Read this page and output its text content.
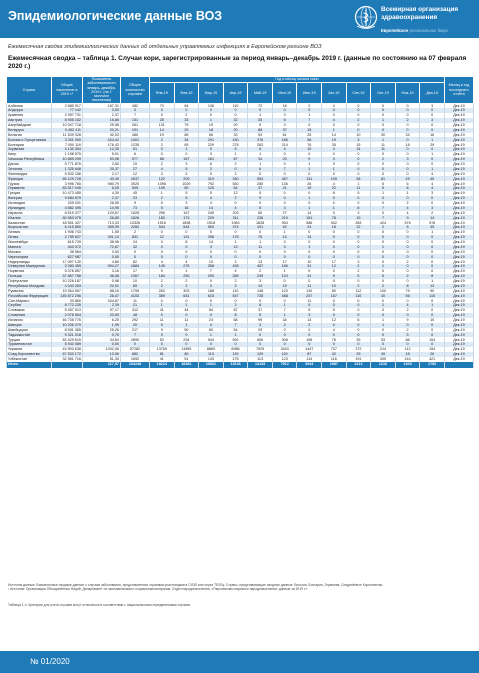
Эпидемиологические данные ВОЗ	Всемирная организация здравоохранения
Европейское региональное бюро
Ежемесячная сводка эпидемиологических данных об отдельных управляемых инфекциях в Европейском регионе ВОЗ
Ежемесячная сводка – таблица 1. Случаи кори, зарегистрированные за период январь–декабрь 2019 г. (данные по состоянию на 07 февраля 2020 г.)
Страна	Общее население в 2019 г.¹	Показатель заболеваемости январь–декабрь 2019 г. (на 1 миллион населения)	Общее количество случаев	Год и месяц начала сыпи												Месяц и год последнего отчёта
				Янв-19	Фев-19	Мар-19	Апр-19	Май-19	Июн-19	Июл-19	Авг-19	Сен-19	Окт-19	Ноя-19	Дек-19	
Албания	2 880 917	167,31	482	73	64	136	110	72	18	2	4	0	0	0	3	Дек-19
Андорра	77 142	0,00	0	0	0	0	0	0	0	0	0	0	0	0	0	Дек-19
Армения	2 957 731	2,37	7	0	2	0	0	1	3	1	0	0	0	0	0	Дек-19
Австрия	8 955 102	16,86	151	25	33	1	32	35	6	7	4	2	1	2	3	Дек-19
Азербайджан	10 047 718	25,98	261	131	79	19	20	9	3	0	0	0	0	0	0	Дек-19
Беларусь	9 452 411	20,21	191	14	20	18	20	88	37	15	1	0	0	0	0	Дек-19
Бельгия	11 539 328	42,03	485	19	85	66	33	93	61	25	14	10	30	34	16	Дек-19
Босния и Герцеговина	3 301 000	424,42	1401	2	34	291	430	376	186	58	19	3	1	0	1	Дек-19
Болгария	7 000 119	176,43	1235	2	65	229	278	263	214	76	35	15	11	18	29	Дек-19
Хорватия	4 130 304	12,35	51	0	1	0	6	6	4	10	4	14	11	0	0	Дек-19
Кипр	1 198 575	5,01	6	0	0	3	1	1	0	0	0	0	0	0	1	Дек-19
Чешская Республика	10 689 209	53,98	577	68	167	181	87	34	23	9	3	0	2	3	0	Дек-19
Дания	5 771 876	2,60	15	2	3	6	2	1	0	1	0	0	0	0	0	Дек-19
Эстония	1 325 648	20,37	27	4	5	2	0	6	7	1	1	0	0	0	1	Дек-19
Финляндия	5 532 156	2,17	12	3	3	0	2	0	0	0	0	0	0	0	4	Дек-19
Франция	65 129 728	40,49	2637	122	209	319	340	554	467	311	109	58	81	49	40	Дек-19
Грузия	3 996 765	980,79	3920	1096	1029	792	540	280	136	26	4	1	6	6	4	Дек-19
Германия	83 517 045	6,05	505	109	80	125	64	37	21	19	22	11	5	8	4	Дек-19
Греция	10 473 455	4,30	45	1	5	5	12	5	0	0	8	5	1	1	3	Дек-19
Венгрия	9 684 679	2,37	23	2	5	4	2	9	0	1	0	0	0	0	0	Дек-19
Исландия	339 031	26,55	9	0	3	4	0	0	0	0	0	0	0	2	0	Дек-19
Ирландия	4 882 495	14,95	73	5	16	14	4	5	3	1	1	8	7	4	3	Дек-19
Израиль	8 519 377	120,67	1028	296	167	249	203	60	27	14	3	3	0	4	2	Дек-19
Италия	60 550 075	26,85	1626	180	173	229	311	236	219	151	78	19	7	9	14	Дек-19
Казахстан	18 551 427	713,33	13326	1516	1898	1918	1963	1828	954	586	402	283	424	576	978	Дек-19
Кыргызстан	6 415 850	355,99	2284	544	544	563	374	101	52	24	18	22	2	5	35	Дек-19
Латвия	1 906 743	1,05	2	0	0	0	0	0	1	0	0	0	0	0	1	Дек-19
Литва	2 759 627	301,13	831	22	131	398	178	76	14	14	0	0	0	0	0	Дек-19
Люксембург	615 729	38,98	24	0	8	14	1	1	0	0	0	0	0	0	0	Дек-19
Мальта	440 372	72,67	32	0	0	3	13	11	3	1	0	0	1	0	0	Дек-19
Монако	38 964	0,00	0	0	0	0	0	0	0	0	0	0	0	0	0	Дек-19
Черногория	627 987	0,00	0	0	0	0	0	0	0	0	0	0	0	0	0	Дек-19
Нидерланды	17 097 130	4,80	82	4	4	10	2	13	17	10	17	3	0	2	0	Дек-19
Северная Македония	2 083 459	904,27	1884	149	275	358	428	467	166	31	12	2	1	0	0	Дек-19
Норвегия	5 378 857	3,16	17	0	1	7	4	2	1	0	0	2	0	0	0	Дек-19
Польша	37 887 768	36,08	1367	184	250	200	289	249	124	41	9	5	6	2	8	Дек-19
Португалия	10 226 187	0,98	10	2	2	0	2	3	0	0	0	0	0	0	1	Дек-19
Республика Молдова	4 043 263	22,01	89	2	2	3	3	14	19	11	10	2	2	8	13	Дек-19
Румыния	19 364 557	88,10	1706	263	303	188	110	148	123	110	80	112	100	79	90	Дек-19
Российская Федерация	145 872 256	28,47	4153	389	641	615	547	728	488	257	167	110	40	56	115	Дек-19
Сан-Марино	33 860	324,87	11	0	0	0	0	0	0	11	0	0	0	0	0	Дек-19
Сербия	8 772 235	2,39	21	1	1	1	3	8	1	0	0	0	1	4	1	Дек-19
Словакия	5 457 013	57,17	312	41	44	84	87	37	7	5	5	0	0	2	0	Дек-19
Словения	2 078 654	23,09	48	0	0	0	8	5	1	3	0	0	0	0	0	Дек-19
Испания	46 736 776	6,25	292	11	11	24	68	99	34	13	12	6	1	9	10	Дек-19
Швеция	10 036 379	1,99	20	0	1	4	7	3	2	2	0	0	1	0	0	Дек-19
Швейцария	8 591 365	25,26	217	9	50	65	54	29	2	2	4	0	0	2	0	Дек-19
Таджикистан	9 321 018	0,75	7	0	0	1	1	0	0	0	0	0	0	5	0	Дек-19
Турция	83 429 615	34,64	2890	53	294	544	591	606	308	158	76	39	53	86	104	Дек-19
Туркменистан	5 942 089	0,00	0	0	0	0	0	0	0	0	0	0	0	0	0	Дек-19
Украина	43 993 638	1302,05	57282	13760	11559	8869	6986	7929	3443	1447	737	372	214	112	154	Дек-19
Соед.Королевство	67 530 172	13,06	882	81	80	110	119	129	115	87	42	29	49	15	26	Дек-19
Узбекистан	32 981 716	51,30	1692	41	51	143	175	113	123	114	116	191	300	144	421	Дек-19
Итого		117,57	104248	18224	18381	15801	13146	14133	7912	3944	1987	1212	1216	1203	1752	
Источник данных: Ежемесячные сводные данные о случаях заболевания, представленные странами-участницами в CISID или через TESSy. Страны, представляющие сводные данные: Бельгия, Болгария, Германия, Соединённое Королевство.
¹ Источник: Организация Объединённых Наций, Департамент по экономическим и социальным вопросам, Отдел народонаселения. «Перспективы мирового народонаселения: данные за 2019 г.»
Таблица 1-4. Критерии для учета случаев могут отличаться в соответствии с национальными определениями случаев.
№ 01/2020
